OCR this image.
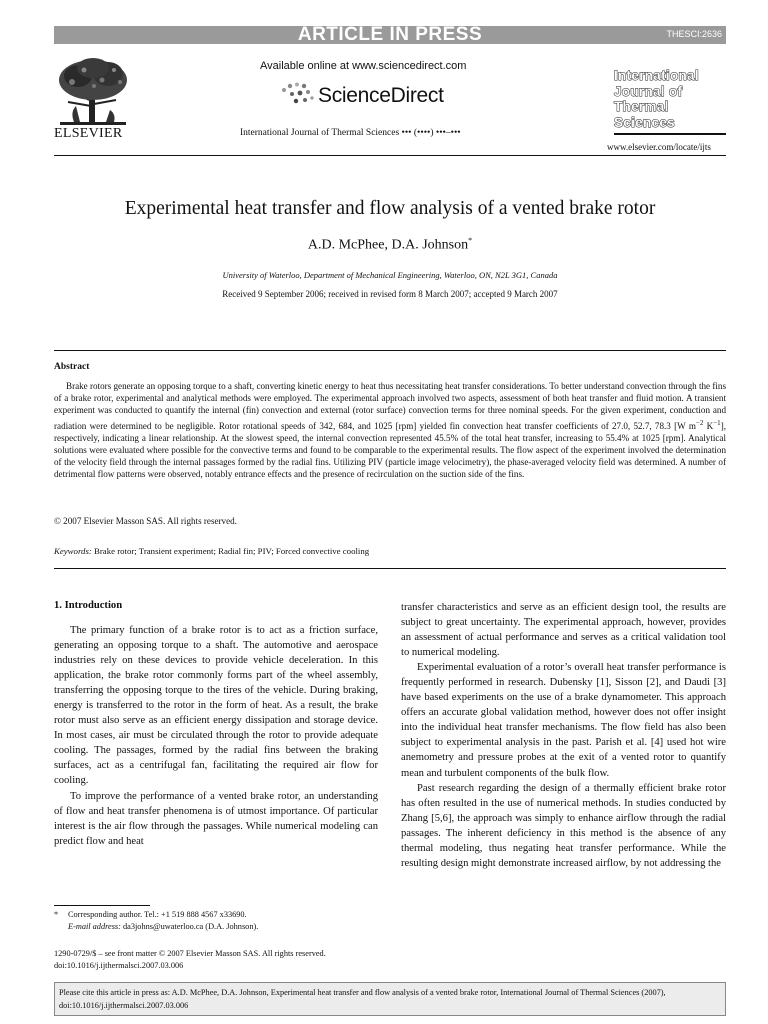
ARTICLE IN PRESS	THESCI:2636
ELSEVIER
Available online at www.sciencedirect.com
ScienceDirect
International Journal of Thermal Sciences ••• (••••) •••–•••
International
Journal of
Thermal
Sciences
www.elsevier.com/locate/ijts
Experimental heat transfer and flow analysis of a vented brake rotor
A.D. McPhee, D.A. Johnson*
University of Waterloo, Department of Mechanical Engineering, Waterloo, ON, N2L 3G1, Canada
Received 9 September 2006; received in revised form 8 March 2007; accepted 9 March 2007
Abstract
Brake rotors generate an opposing torque to a shaft, converting kinetic energy to heat thus necessitating heat transfer considerations. To better understand convection through the fins of a brake rotor, experimental and analytical methods were employed. The experimental approach involved two aspects, assessment of both heat transfer and fluid motion. A transient experiment was conducted to quantify the internal (fin) convection and external (rotor surface) convection terms for three nominal speeds. For the given experiment, conduction and radiation were determined to be negligible. Rotor rotational speeds of 342, 684, and 1025 [rpm] yielded fin convection heat transfer coefficients of 27.0, 52.7, 78.3 [W $m^{-2}$ $K^{-1}$], respectively, indicating a linear relationship. At the slowest speed, the internal convection represented 45.5% of the total heat transfer, increasing to 55.4% at 1025 [rpm]. Analytical solutions were evaluated where possible for the convective terms and found to be comparable to the experimental results. The flow aspect of the experiment involved the determination of the velocity field through the internal passages formed by the radial fins. Utilizing PIV (particle image velocimetry), the phase-averaged velocity field was determined. A number of detrimental flow patterns were observed, notably entrance effects and the presence of recirculation on the suction side of the fins.
© 2007 Elsevier Masson SAS. All rights reserved.
Keywords: Brake rotor; Transient experiment; Radial fin; PIV; Forced convective cooling
1. Introduction

The primary function of a brake rotor is to act as a friction surface, generating an opposing torque to a shaft. The automotive and aerospace industries rely on these devices to provide vehicle deceleration. In this application, the brake rotor commonly forms part of the wheel assembly, transferring the opposing torque to the tires of the vehicle. During braking, energy is transferred to the rotor in the form of heat. As a result, the brake rotor must also serve as an efficient energy dissipation and storage device. In most cases, air must be circulated through the rotor to provide adequate cooling. The passages, formed by the radial fins between the braking surfaces, act as a centrifugal fan, facilitating the required air flow for cooling.

To improve the performance of a vented brake rotor, an understanding of flow and heat transfer phenomena is of utmost importance. Of particular interest is the air flow through the passages. While numerical modeling can predict flow and heat

transfer characteristics and serve as an efficient design tool, the results are subject to great uncertainty. The experimental approach, however, provides an assessment of actual performance and serves as a critical validation tool to numerical modeling.

Experimental evaluation of a rotor’s overall heat transfer performance is frequently performed in research. Dubensky [1], Sisson [2], and Daudi [3] have based experiments on the use of a brake dynamometer. This approach offers an accurate global validation method, however does not offer insight into the individual heat transfer mechanisms. The flow field has also been subject to experimental analysis in the past. Parish et al. [4] used hot wire anemometry and pressure probes at the exit of a vented rotor to quantify mean and turbulent components of the bulk flow.

Past research regarding the design of a thermally efficient brake rotor has often resulted in the use of numerical methods. In studies conducted by Zhang [5,6], the approach was simply to enhance airflow through the radial passages. The inherent deficiency in this method is the absence of any thermal modeling, thus negating heat transfer performance. While the resulting design might demonstrate increased airflow, by not addressing the

* Corresponding author. Tel.: +1 519 888 4567 x33690.
E-mail address: da3johns@uwaterloo.ca (D.A. Johnson).
1290-0729/$ – see front matter © 2007 Elsevier Masson SAS. All rights reserved.
doi:10.1016/j.ijthermalsci.2007.03.006
Please cite this article in press as: A.D. McPhee, D.A. Johnson, Experimental heat transfer and flow analysis of a vented brake rotor, International Journal of Thermal Sciences (2007), doi:10.1016/j.ijthermalsci.2007.03.006
